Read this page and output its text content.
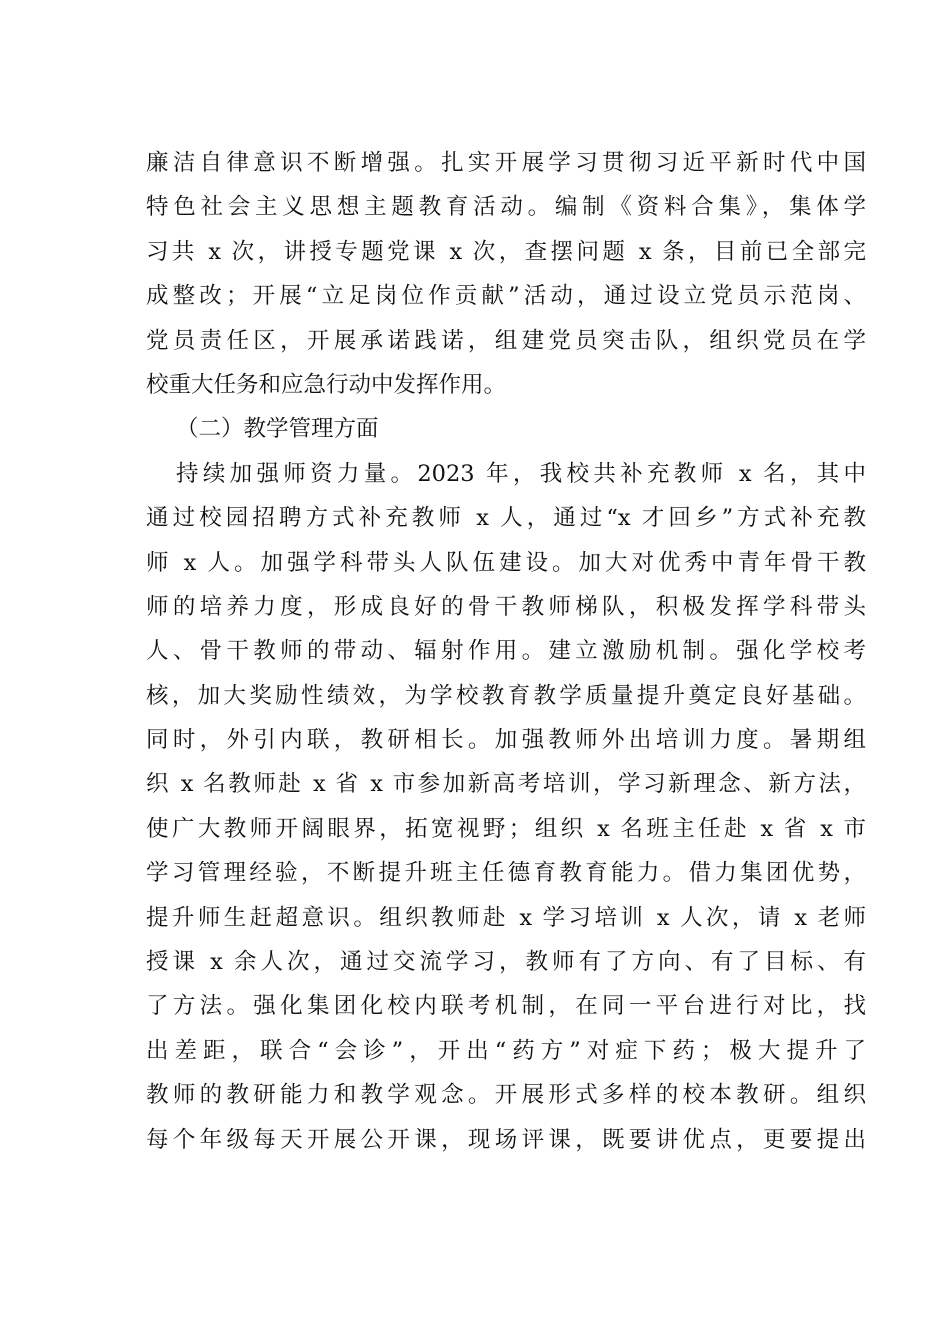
廉洁自律意识不断增强。扎实开展学习贯彻习近平新时代中国
特色社会主义思想主题教育活动。编制《资料合集》，集体学
习共 x 次，讲授专题党课 x 次，查摆问题 x 条，目前已全部完
成整改；开展“立足岗位作贡献”活动，通过设立党员示范岗、
党员责任区，开展承诺践诺，组建党员突击队，组织党员在学
校重大任务和应急行动中发挥作用。
（二）教学管理方面
持续加强师资力量。2023 年，我校共补充教师 x 名，其中
通过校园招聘方式补充教师 x 人，通过“x 才回乡”方式补充教
师 x 人。加强学科带头人队伍建设。加大对优秀中青年骨干教
师的培养力度，形成良好的骨干教师梯队，积极发挥学科带头
人、骨干教师的带动、辐射作用。建立激励机制。强化学校考
核，加大奖励性绩效，为学校教育教学质量提升奠定良好基础。
同时，外引内联，教研相长。加强教师外出培训力度。暑期组
织 x 名教师赴 x 省 x 市参加新高考培训，学习新理念、新方法，
使广大教师开阔眼界，拓宽视野；组织 x 名班主任赴 x 省 x 市
学习管理经验，不断提升班主任德育教育能力。借力集团优势，
提升师生赶超意识。组织教师赴 x 学习培训 x 人次，请 x 老师
授课 x 余人次，通过交流学习，教师有了方向、有了目标、有
了方法。强化集团化校内联考机制，在同一平台进行对比，找
出差距，联合“会诊”，开出“药方”对症下药；极大提升了
教师的教研能力和教学观念。开展形式多样的校本教研。组织
每个年级每天开展公开课，现场评课，既要讲优点，更要提出
